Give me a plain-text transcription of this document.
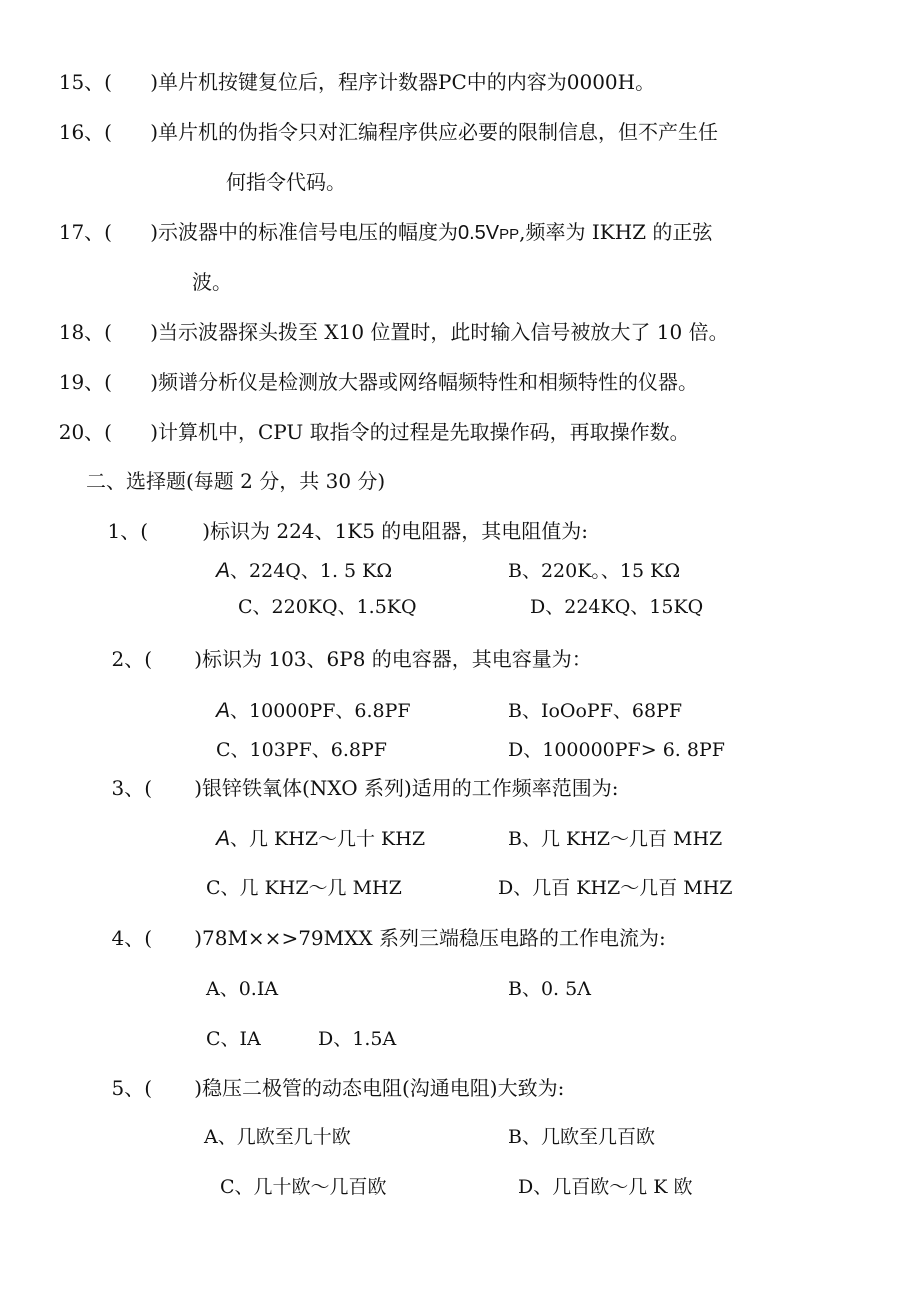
15、( )单片机按键复位后，程序计数器PC中的内容为0000H。
16、( )单片机的伪指令只对汇编程序供应必要的限制信息，但不产生任
何指令代码。
17、( )示波器中的标准信号电压的幅度为0.5VPP,频率为 IKHZ 的正弦
波。
18、( )当示波器探头拨至 X10 位置时，此时输入信号被放大了 10 倍。
19、( )频谱分析仪是检测放大器或网络幅频特性和相频特性的仪器。
20、( )计算机中，CPU 取指令的过程是先取操作码，再取操作数。
二、选择题(每题 2 分，共 30 分)
1、(	)标识为 224、1K5 的电阻器，其电阻值为:
A、224Q、1. 5 KΩ	B、220K。、15 KΩ
C、220KQ、1.5KQ	D、224KQ、15KQ
2、( )标识为 103、6P8 的电容器，其电容量为：
A、10000PF、6.8PF	B、IoOoPF、68PF
C、103PF、6.8PF	D、100000PF> 6. 8PF
3、( )银锌铁氧体(NXO 系列)适用的工作频率范围为:
A、几 KHZ～几十 KHZ	B、几 KHZ～几百 MHZ
C、几 KHZ～几 MHZ	D、几百 KHZ～几百 MHZ
4、( )78M××>79MXX 系列三端稳压电路的工作电流为:
A、0.IA	B、0. 5Λ
C、IA	D、1.5A
5、( )稳压二极管的动态电阻(沟通电阻)大致为:
A、几欧至几十欧	B、几欧至几百欧
C、几十欧～几百欧	D、几百欧～几 K 欧
